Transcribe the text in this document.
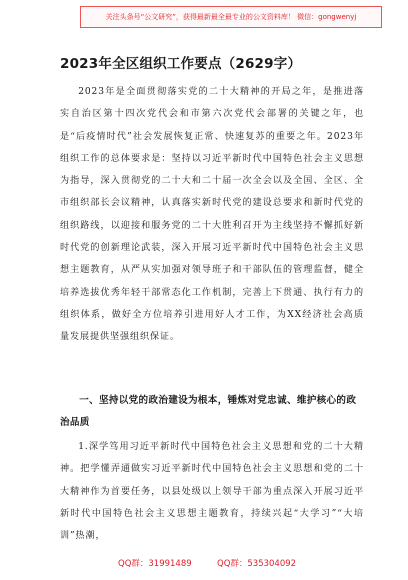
关注头条号“公文研究”，获得最新最全最专业的公文资料库！ 微信：gongwenyj
2023年全区组织工作要点（2629字）
2023年是全面贯彻落实党的二十大精神的开局之年，是推进落实自治区第十四次党代会和市第六次党代会部署的关键之年，也是“后疫情时代”社会发展恢复正常、快速复苏的重要之年。2023年组织工作的总体要求是：坚持以习近平新时代中国特色社会主义思想为指导，深入贯彻党的二十大和二十届一次全会以及全国、全区、全市组织部长会议精神，认真落实新时代党的建设总要求和新时代党的组织路线，以迎接和服务党的二十大胜利召开为主线坚持不懈抓好新时代党的创新理论武装，深入开展习近平新时代中国特色社会主义思想主题教育，从严从实加强对领导班子和干部队伍的管理监督，健全培养选拔优秀年轻干部常态化工作机制，完善上下贯通、执行有力的组织体系，做好全方位培养引进用好人才工作，为XX经济社会高质量发展提供坚强组织保证。
一、坚持以党的政治建设为根本，锤炼对党忠诚、维护核心的政治品质
1.深学笃用习近平新时代中国特色社会主义思想和党的二十大精神。把学懂弄通做实习近平新时代中国特色社会主义思想和党的二十大精神作为首要任务，以县处级以上领导干部为重点深入开展习近平新时代中国特色社会主义思想主题教育，持续兴起“大学习”“大培训”热潮，
QQ群：31991489	QQ群：535304092
